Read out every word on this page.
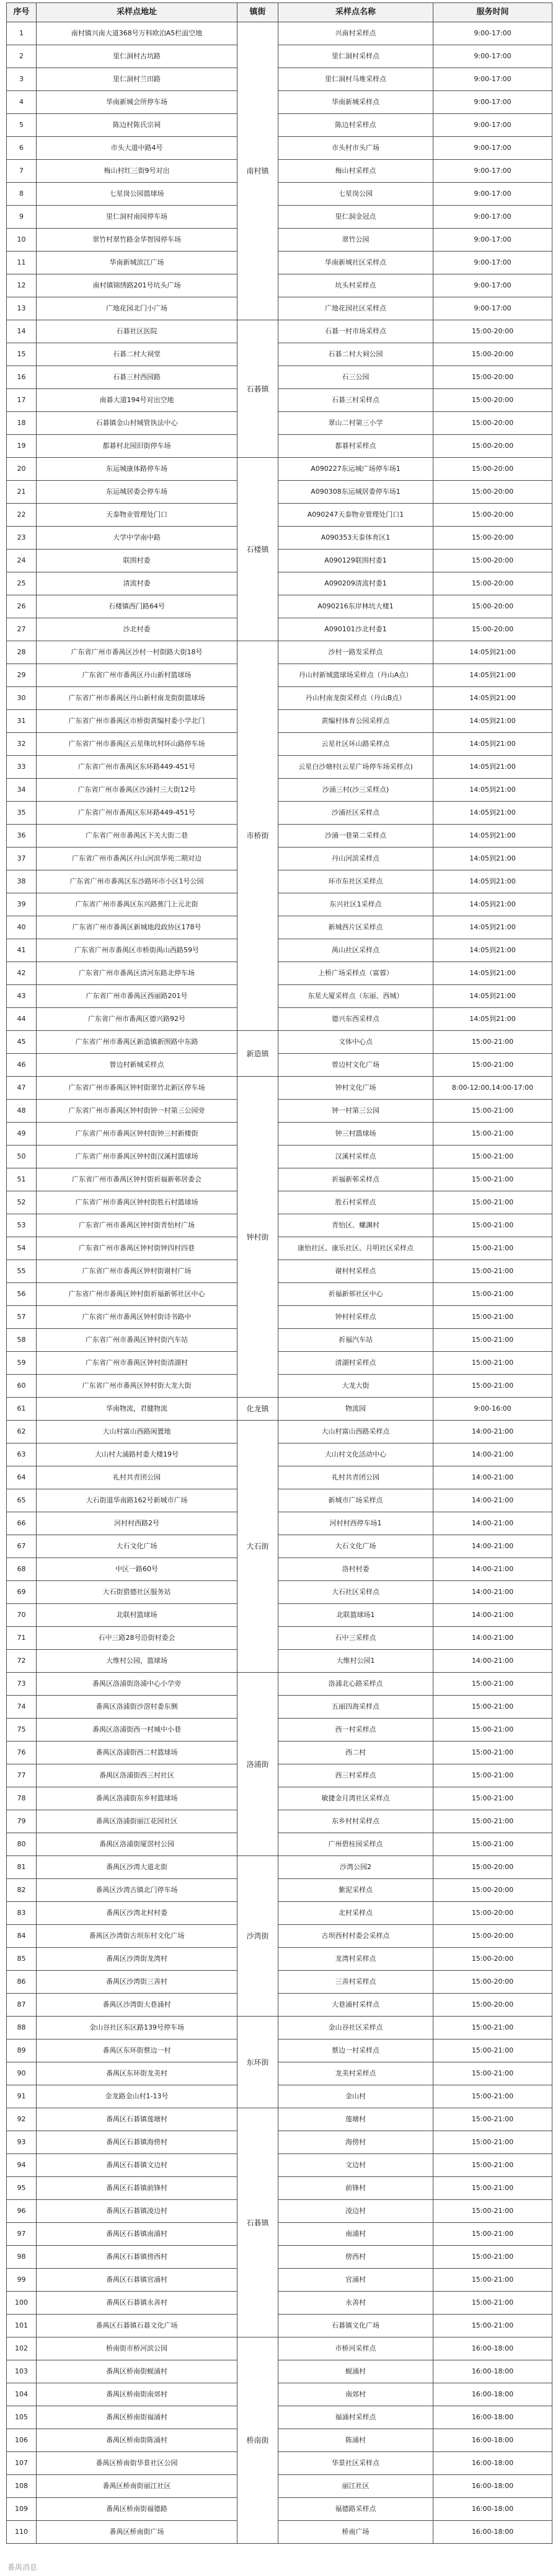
序号	采样点地址	镇街	采样点名称	服务时间
1	南村镇兴南大道368号万科欧泊A5栏面空地	南村镇	兴南村采样点	9:00-17:00
2	里仁洞村古坑路		里仁洞村采样点	9:00-17:00
3	里仁洞村兰田路		里仁洞村马堆采样点	9:00-17:00
4	华南新城会所停车场		华南新城采样点	9:00-17:00
5	陈边村陈氏宗祠		陈边村采样点	9:00-17:00
6	市头大道中路4号		市头村市头广场	9:00-17:00
7	梅山村红三街9号对出		梅山村采样点	9:00-17:00
8	七星岗公园篮球场		七星岗公园	9:00-17:00
9	里仁洞村南园停车场		里仁洞金冠点	9:00-17:00
10	翠竹村翠竹路金华智园停车场		翠竹公园	9:00-17:00
11	华南新城滨江广场		华南新城社区采样点	9:00-17:00
12	南村镇锦绣路201号坑头广场		坑头村采样点	9:00-17:00
13	广地花园北门小广场		广地花园社区采样点	9:00-17:00
14	石碁社区医院	石碁镇	石碁一村市场采样点	15:00-20:00
15	石碁二村大祠堂		石碁二村大祠公园	15:00-20:00
16	石碁三村西园路		石三公园	15:00-20:00
17	南碁大道194号对出空地		石碁三村采样点	15:00-20:00
18	石碁镇金山村城管执法中心		翠山二村第三小学	15:00-20:00
19	都碁村北园旧街停车场		都碁村采样点	15:00-20:00
20	东运城康体路停车场	石楼镇	A090227东运城广场停车场1	15:00-20:00
21	东运城居委会停车场		A090308东运城居委停车场1	15:00-20:00
22	天泰物业管理处门口		A090247天泰物业管理处门口1	15:00-20:00
23	大学中学南中路		A090353天泰体育区1	15:00-20:00
24	联围村委		A090129联围村委1	15:00-20:00
25	清流村委		A090209清流村委1	15:00-20:00
26	石楼镇西门路64号		A090216东岸林坑大楼1	15:00-20:00
27	沙北村委		A090101沙北村委1	15:00-20:00
28	广东省广州市番禺区沙村一村街路大街18号	市桥街	沙村一路发采样点	14:05到21:00
29	广东省广州市番禺区丹山新村篮球场		丹山村新城篮球场采样点（丹山A点）	14:05到21:00
30	广东省广州市番禺区丹山新村南龙街街篮球场		丹山村南龙街采样点（丹山B点）	14:05到21:00
31	广东省广州市番禺区市桥街黄编村委小学北门		黄编村体育公园采样点	14:05到21:00
32	广东省广州市番禺区云星珠坑村环山路停车场		云星社区环山路采样点	14:05到21:00
33	广东省广州市番禺区东环路449-451号		云星白沙塘村(云星广场停车场采样点)	14:05到21:00
34	广东省广州市番禺区沙涌村三大街12号		沙涌三村(沙三采样点)	14:05到21:00
35	广东省广州市番禺区东环路449-451号		沙涌社区采样点	14:05到21:00
36	广东省广州市番禺区下关大街二巷		沙涌一巷第二采样点	14:05到21:00
37	广东省广州市番禺区丹山河滨华苑二期对边		丹山河滨采样点	14:05到21:00
38	广东省广州市番禺区东沙路环市小区1号公园		环市东社区采样点	14:05到21:00
39	广东省广州市番禺区东兴路蕉门上元北街		东兴社区1采样点	14:05到21:00
40	广东省广州市番禺区新城地段政协区178号		新城西片区采样点	14:05到21:00
41	广东省广州市番禺区市桥街禺山西路59号		禺山社区采样点	14:05到21:00
42	广东省广州市番禺区清河东路北停车场		上桥广场采样点（富蓉）	14:05到21:00
43	广东省广州市番禺区西丽路201号		东星大厦采样点（东丽、西城）	14:05到21:00
44	广东省广州市番禺区德兴路92号		德兴东西采样点	14:05到21:00
45	广东省广州市番禺区新造镇新围路中东路	新造镇	文体中心点	15:00-21:00
46	曾边村新城采样点		曾边村文化广场	15:00-21:00
47	广东省广州市番禺区钟村街翠竹北新区停车场	钟村街	钟村文化广场	8:00-12:00,14:00-17:00
48	广东省广州市番禺区钟村街钟一村第三公园旁		钟一村第三公园	15:00-21:00
49	广东省广州市番禺区钟村街钟三村新楼街		钟三村篮球场	15:00-21:00
50	广东省广州市番禺区钟村街汉溪村篮球场		汉溪村采样点	15:00-21:00
51	广东省广州市番禺区钟村街祈福新邨居委会		祈福新邨采样点	15:00-21:00
52	广东省广州市番禺区钟村街胜石村篮球场		胜石村采样点	15:00-21:00
53	广东省广州市番禺区钟村街青怡村广场		青怡区、螺渊村	15:00-21:00
54	广东省广州市番禺区钟村街钟四村四巷		康怡社区、康乐社区、月明社区采样点	15:00-21:00
55	广东省广州市番禺区钟村街谢村广场		谢村村采样点	15:00-21:00
56	广东省广州市番禺区钟村街祈福新邨社区中心		祈福新邨社区中心	15:00-21:00
57	广东省广州市番禺区钟村街诗书路中		钟村村采样点	15:00-21:00
58	广东省广州市番禺区钟村街汽车站		祈福汽车站	15:00-21:00
59	广东省广州市番禺区钟村街清湖村		清湖村采样点	15:00-21:00
60	广东省广州市番禺区钟村街大龙大街		大龙大街	15:00-21:00
61	华南物流，君健物流	化龙镇	物流园	9:00-16:00
62	大山村富山西路闲置地	大石街	大山村富山西路采样点	14:00-21:00
63	大山村大涌路村委大楼19号		大山村文化活动中心	14:00-21:00
64	礼村共青团公园		礼村共青团公园	14:00-21:00
65	大石街道华南路162号新城市广场		新城市广场采样点	14:00-21:00
66	河村村西路2号		河村村西停车场1	14:00-21:00
67	大石文化广场		大石文化广场	14:00-21:00
68	中区一路60号		洛村村委	14:00-21:00
69	大石街猎德社区服务站		大石社区采样点	14:00-21:00
70	北联村篮球场		北联篮球场1	14:00-21:00
71	石中三路28号沿街村委会		石中三采样点	14:00-21:00
72	大维村公园，篮球场		大维村公园1	14:00-21:00
73	番禺区洛浦街洛浦中心小学旁	洛浦街	洛浦北心路采样点	15:00-21:00
74	番禺区洛浦街沙滘村委东侧		五丽四海采样点	15:00-21:00
75	番禺区洛浦街西一村城中小巷		西一村采样点	15:00-21:00
76	番禺区洛浦街西二村篮球场		西二村	15:00-21:00
77	番禺区洛浦街西三村社区		西三村采样点	15:00-21:00
78	番禺区洛浦街东乡村篮球场		敏捷金月湾社区采样点	15:00-21:00
79	番禺区洛浦街丽江花园社区		东乡村村采样点	15:00-21:00
80	番禺区洛浦街厦滘村公园		广州碧桂园采样点	15:00-21:00
81	番禺区沙湾大道北街	沙湾街	沙湾公园2	15:00-20:00
82	番禺区沙湾古镇北门停车场		紫泥采样点	15:00-20:00
83	番禺区沙湾北村村委		北村采样点	15:00-20:00
84	番禺区沙湾街古坝东村文化广场		古坝西村村委会采样点	15:00-20:00
85	番禺区沙湾街龙湾村		龙湾村采样点	15:00-20:00
86	番禺区沙湾街三善村		三善村采样点	15:00-20:00
87	番禺区沙湾街大巷涌村		大巷涌村采样点	15:00-20:00
88	金山谷社区东区路139号停车场	东环街	金山谷社区采样点	15:00-21:00
89	番禺区东环街蔡边一村		蔡边一村采样点	15:00-21:00
90	番禺区东环街龙美村		龙美村采样点	15:00-21:00
91	金龙路金山村1-13号		金山村	15:00-21:00
92	番禺区石碁镇莲塘村	石碁镇	莲塘村	15:00-21:00
93	番禺区石碁镇海傍村		海傍村	15:00-21:00
94	番禺区石碁镇文边村		文边村	15:00-21:00
95	番禺区石碁镇前锋村		前锋村	15:00-21:00
96	番禺区石碁镇凌边村		凌边村	15:00-21:00
97	番禺区石碁镇南浦村		南浦村	15:00-21:00
98	番禺区石碁镇傍西村		傍西村	15:00-21:00
99	番禺区石碁镇官涌村		官涌村	15:00-21:00
100	番禺区石碁镇永善村		永善村	15:00-21:00
101	番禺区石碁镇石碁文化广场		石碁镇文化广场	15:00-21:00
102	桥南街市桥河滨公园	桥南街	市桥河采样点	16:00-18:00
103	番禺区桥南街蚬涌村		蚬涌村	16:00-18:00
104	番禺区桥南街南郊村		南郊村	16:00-18:00
105	番禺区桥南街福涌村		福涌村采样点	16:00-18:00
106	番禺区桥南街陈涌村		陈涌村	16:00-18:00
107	番禺区桥南街华景社区公园		华景社区采样点	16:00-18:00
108	番禺区桥南街丽江社区		丽江社区	16:00-18:00
109	番禺区桥南街福德路		福德路采样点	16:00-18:00
110	番禺区桥南街广场		桥南广场	16:00-18:00
番禺消息
